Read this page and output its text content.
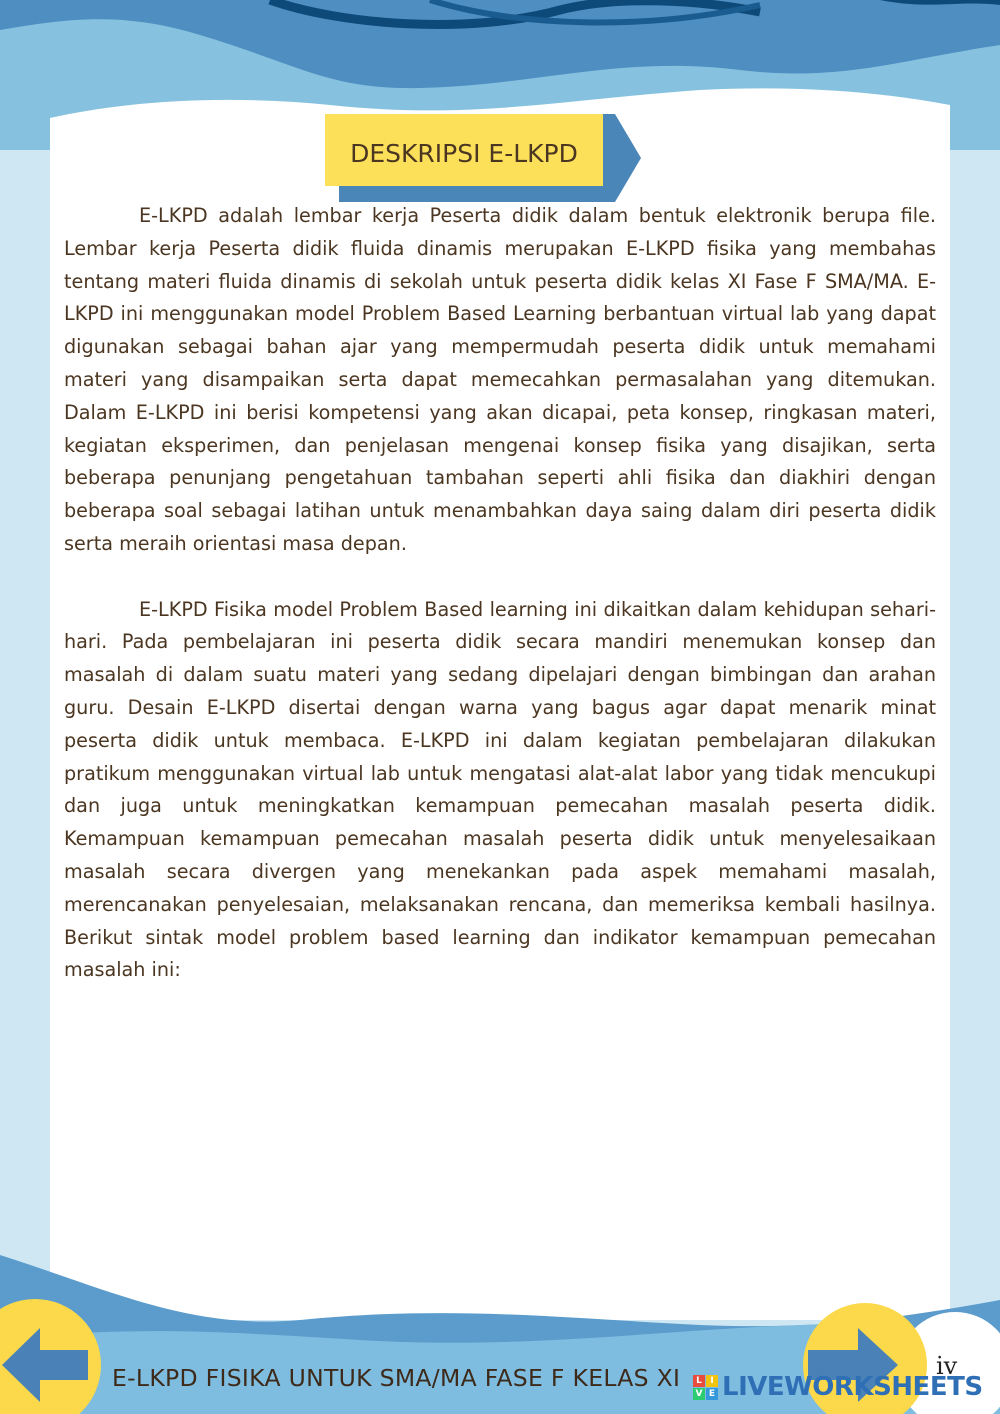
DESKRIPSI E-LKPD

E-LKPD adalah lembar kerja Peserta didik dalam bentuk elektronik berupa file. Lembar kerja Peserta didik fluida dinamis merupakan E-LKPD fisika yang membahas tentang materi fluida dinamis di sekolah untuk peserta didik kelas XI Fase F SMA/MA. E-LKPD ini menggunakan model Problem Based Learning berbantuan virtual lab yang dapat digunakan sebagai bahan ajar yang mempermudah peserta didik untuk memahami materi yang disampaikan serta dapat memecahkan permasalahan yang ditemukan. Dalam E-LKPD ini berisi kompetensi yang akan dicapai, peta konsep, ringkasan materi, kegiatan eksperimen, dan penjelasan mengenai konsep fisika yang disajikan, serta beberapa penunjang pengetahuan tambahan seperti ahli fisika dan diakhiri dengan beberapa soal sebagai latihan untuk menambahkan daya saing dalam diri peserta didik serta meraih orientasi masa depan.

E-LKPD Fisika model Problem Based learning ini dikaitkan dalam kehidupan sehari-hari. Pada pembelajaran ini peserta didik secara mandiri menemukan konsep dan masalah di dalam suatu materi yang sedang dipelajari dengan bimbingan dan arahan guru. Desain E-LKPD disertai dengan warna yang bagus agar dapat menarik minat peserta didik untuk membaca. E-LKPD ini dalam kegiatan pembelajaran dilakukan pratikum menggunakan virtual lab untuk mengatasi alat-alat labor yang tidak mencukupi dan juga untuk meningkatkan kemampuan pemecahan masalah peserta didik. Kemampuan kemampuan pemecahan masalah peserta didik untuk menyelesaikaan masalah secara divergen yang menekankan pada aspek memahami masalah, merencanakan penyelesaian, melaksanakan rencana, dan memeriksa kembali hasilnya. Berikut sintak model problem based learning dan indikator kemampuan pemecahan masalah ini:

E-LKPD FISIKA UNTUK SMA/MA FASE F KELAS XI	L I
V E LIVEWORKSHEETS
iv
